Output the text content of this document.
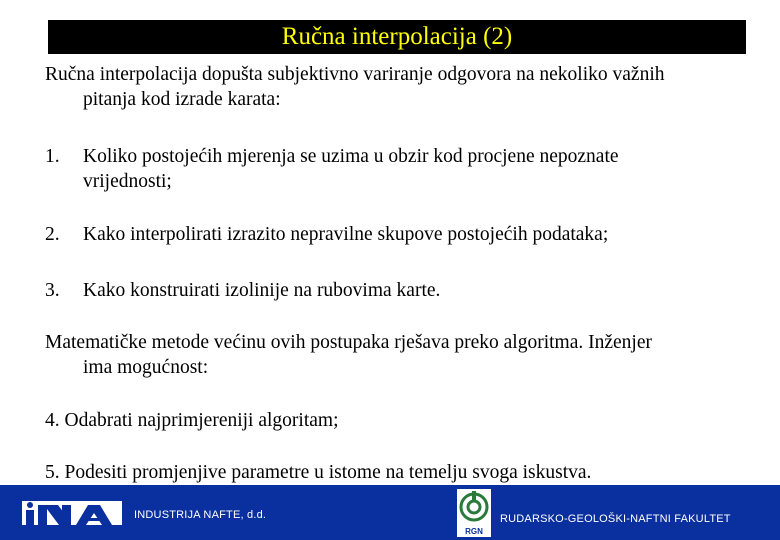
Ručna interpolacija (2)
Ručna interpolacija dopušta subjektivno variranje odgovora na nekoliko važnih
pitanja kod izrade karata:
1.	Koliko postojećih mjerenja se uzima u obzir kod procjene nepoznate
vrijednosti;
2.	Kako interpolirati izrazito nepravilne skupove postojećih podataka;
3.	Kako konstruirati izolinije na rubovima karte.
Matematičke metode većinu ovih postupaka rješava preko algoritma. Inženjer
ima mogućnost:
4. Odabrati najprimjereniji algoritam;
5. Podesiti promjenjive parametre u istome na temelju svoga iskustva.
INDUSTRIJA NAFTE, d.d.
RGN
RUDARSKO-GEOLOŠKI-NAFTNI FAKULTET
